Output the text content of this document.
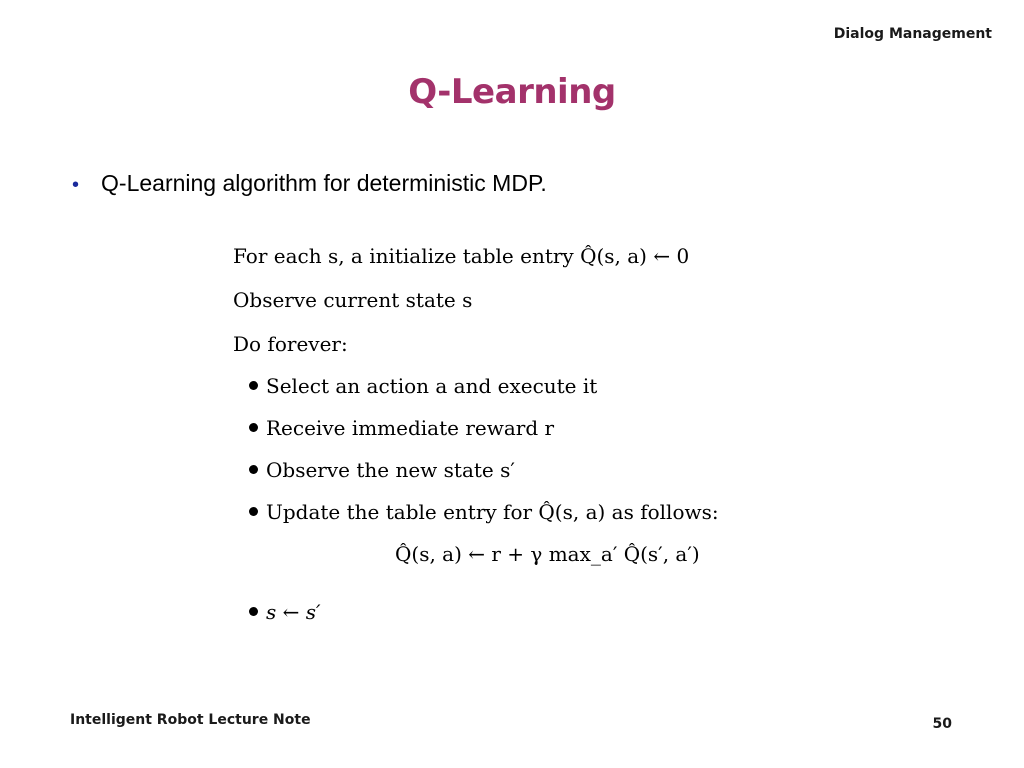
Dialog Management
Q-Learning
• Q-Learning algorithm for deterministic MDP.
For each s, a initialize table entry Q̂(s, a) ← 0
Observe current state s
Do forever:
Select an action a and execute it
Receive immediate reward r
Observe the new state s′
Update the table entry for Q̂(s, a) as follows:
Q̂(s, a) ← r + γ max_a′ Q̂(s′, a′)
s ← s′
Intelligent Robot Lecture Note	50
